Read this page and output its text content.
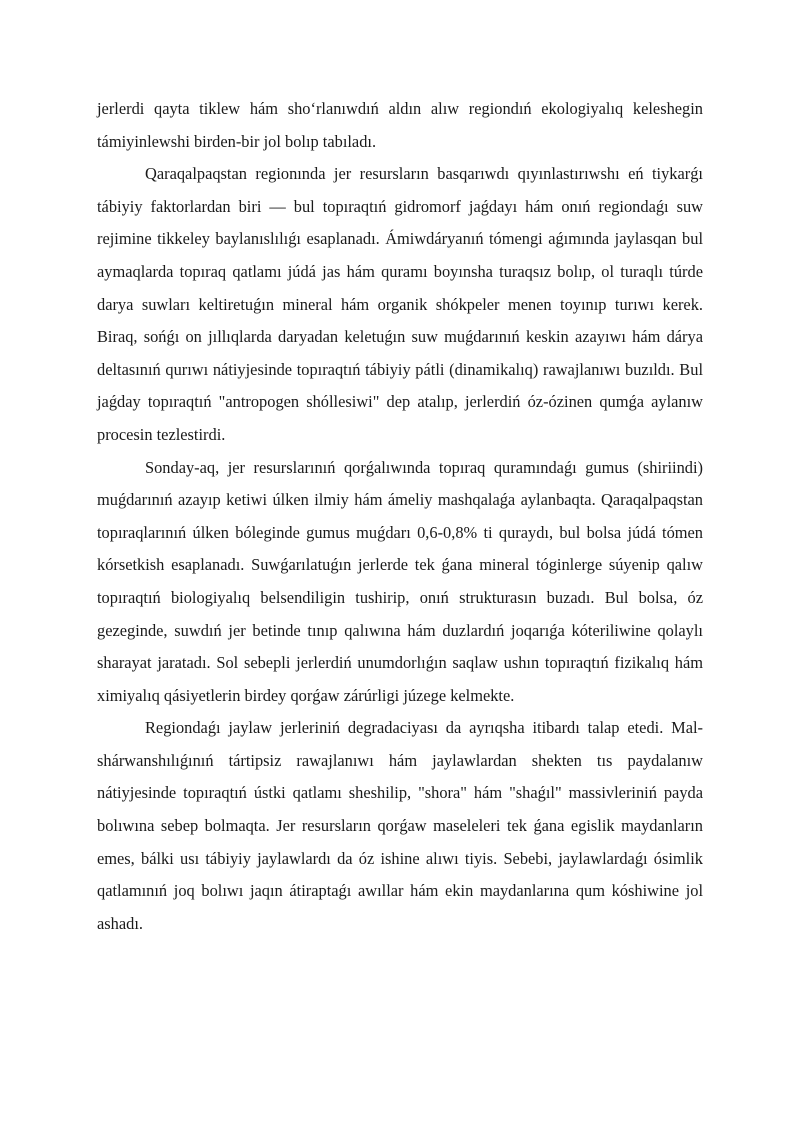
jerlerdi qayta tiklew hám sho‘rlanıwdıń aldın alıw regiondıń ekologiyalıq keleshegin támiyinlewshi birden-bir jol bolıp tabıladı.

Qaraqalpaqstan regionında jer resursların basqarıwdı qıyınlastırıwshı eń tiykarǵı tábiyiy faktorlardan biri — bul topıraqtıń gidromorf jaǵdayı hám onıń regiondaǵı suw rejimine tikkeley baylanıslılıǵı esaplanadı. Ámiwdáryanıń tómengi aǵımında jaylasqan bul aymaqlarda topıraq qatlamı júdá jas hám quramı boyınsha turaqsız bolıp, ol turaqlı túrde darya suwları keltiretuǵın mineral hám organik shókpeler menen toyınıp turıwı kerek. Biraq, sońǵı on jıllıqlarda daryadan keletuǵın suw muǵdarınıń keskin azayıwı hám dárya deltasınıń qurıwı nátiyjesinde topıraqtıń tábiyiy pátli (dinamikalıq) rawajlanıwı buzıldı. Bul jaǵday topıraqtıń "antropogen shóllesiwi" dep atalıp, jerlerdiń óz-ózinen qumǵa aylanıw procesin tezlestirdi.

Sonday-aq, jer resurslarınıń qorǵalıwında topıraq quramındaǵı gumus (shiriindi) muǵdarınıń azayıp ketiwi úlken ilmiy hám ámeliy mashqalaǵa aylanbaqta. Qaraqalpaqstan topıraqlarınıń úlken bóleginde gumus muǵdarı 0,6-0,8% ti quraydı, bul bolsa júdá tómen kórsetkish esaplanadı. Suwǵarılatuǵın jerlerde tek ǵana mineral tóginlerge súyenip qalıw topıraqtıń biologiyalıq belsendiligin tushirip, onıń strukturasın buzadı. Bul bolsa, óz gezeginde, suwdıń jer betinde tınıp qalıwına hám duzlardıń joqarıǵa kóteriliwine qolaylı sharayat jaratadı. Sol sebepli jerlerdiń unumdorlıǵın saqlaw ushın topıraqtıń fizikalıq hám ximiyalıq qásiyetlerin birdey qorǵaw zárúrligi júzege kelmekte.

Regiondaǵı jaylaw jerleriniń degradaciyası da ayrıqsha itibardı talap etedi. Mal-shárwanshılıǵınıń tártipsiz rawajlanıwı hám jaylawlardan shekten tıs paydalanıw nátiyjesinde topıraqtıń ústki qatlamı sheshilip, "shora" hám "shaǵıl" massivleriniń payda bolıwına sebep bolmaqta. Jer resursların qorǵaw maseleleri tek ǵana egislik maydanların emes, bálki usı tábiyiy jaylawlardı da óz ishine alıwı tiyis. Sebebi, jaylawlardaǵı ósimlik qatlamınıń joq bolıwı jaqın átiraptaǵı awıllar hám ekin maydanlarına qum kóshiwine jol ashadı.
